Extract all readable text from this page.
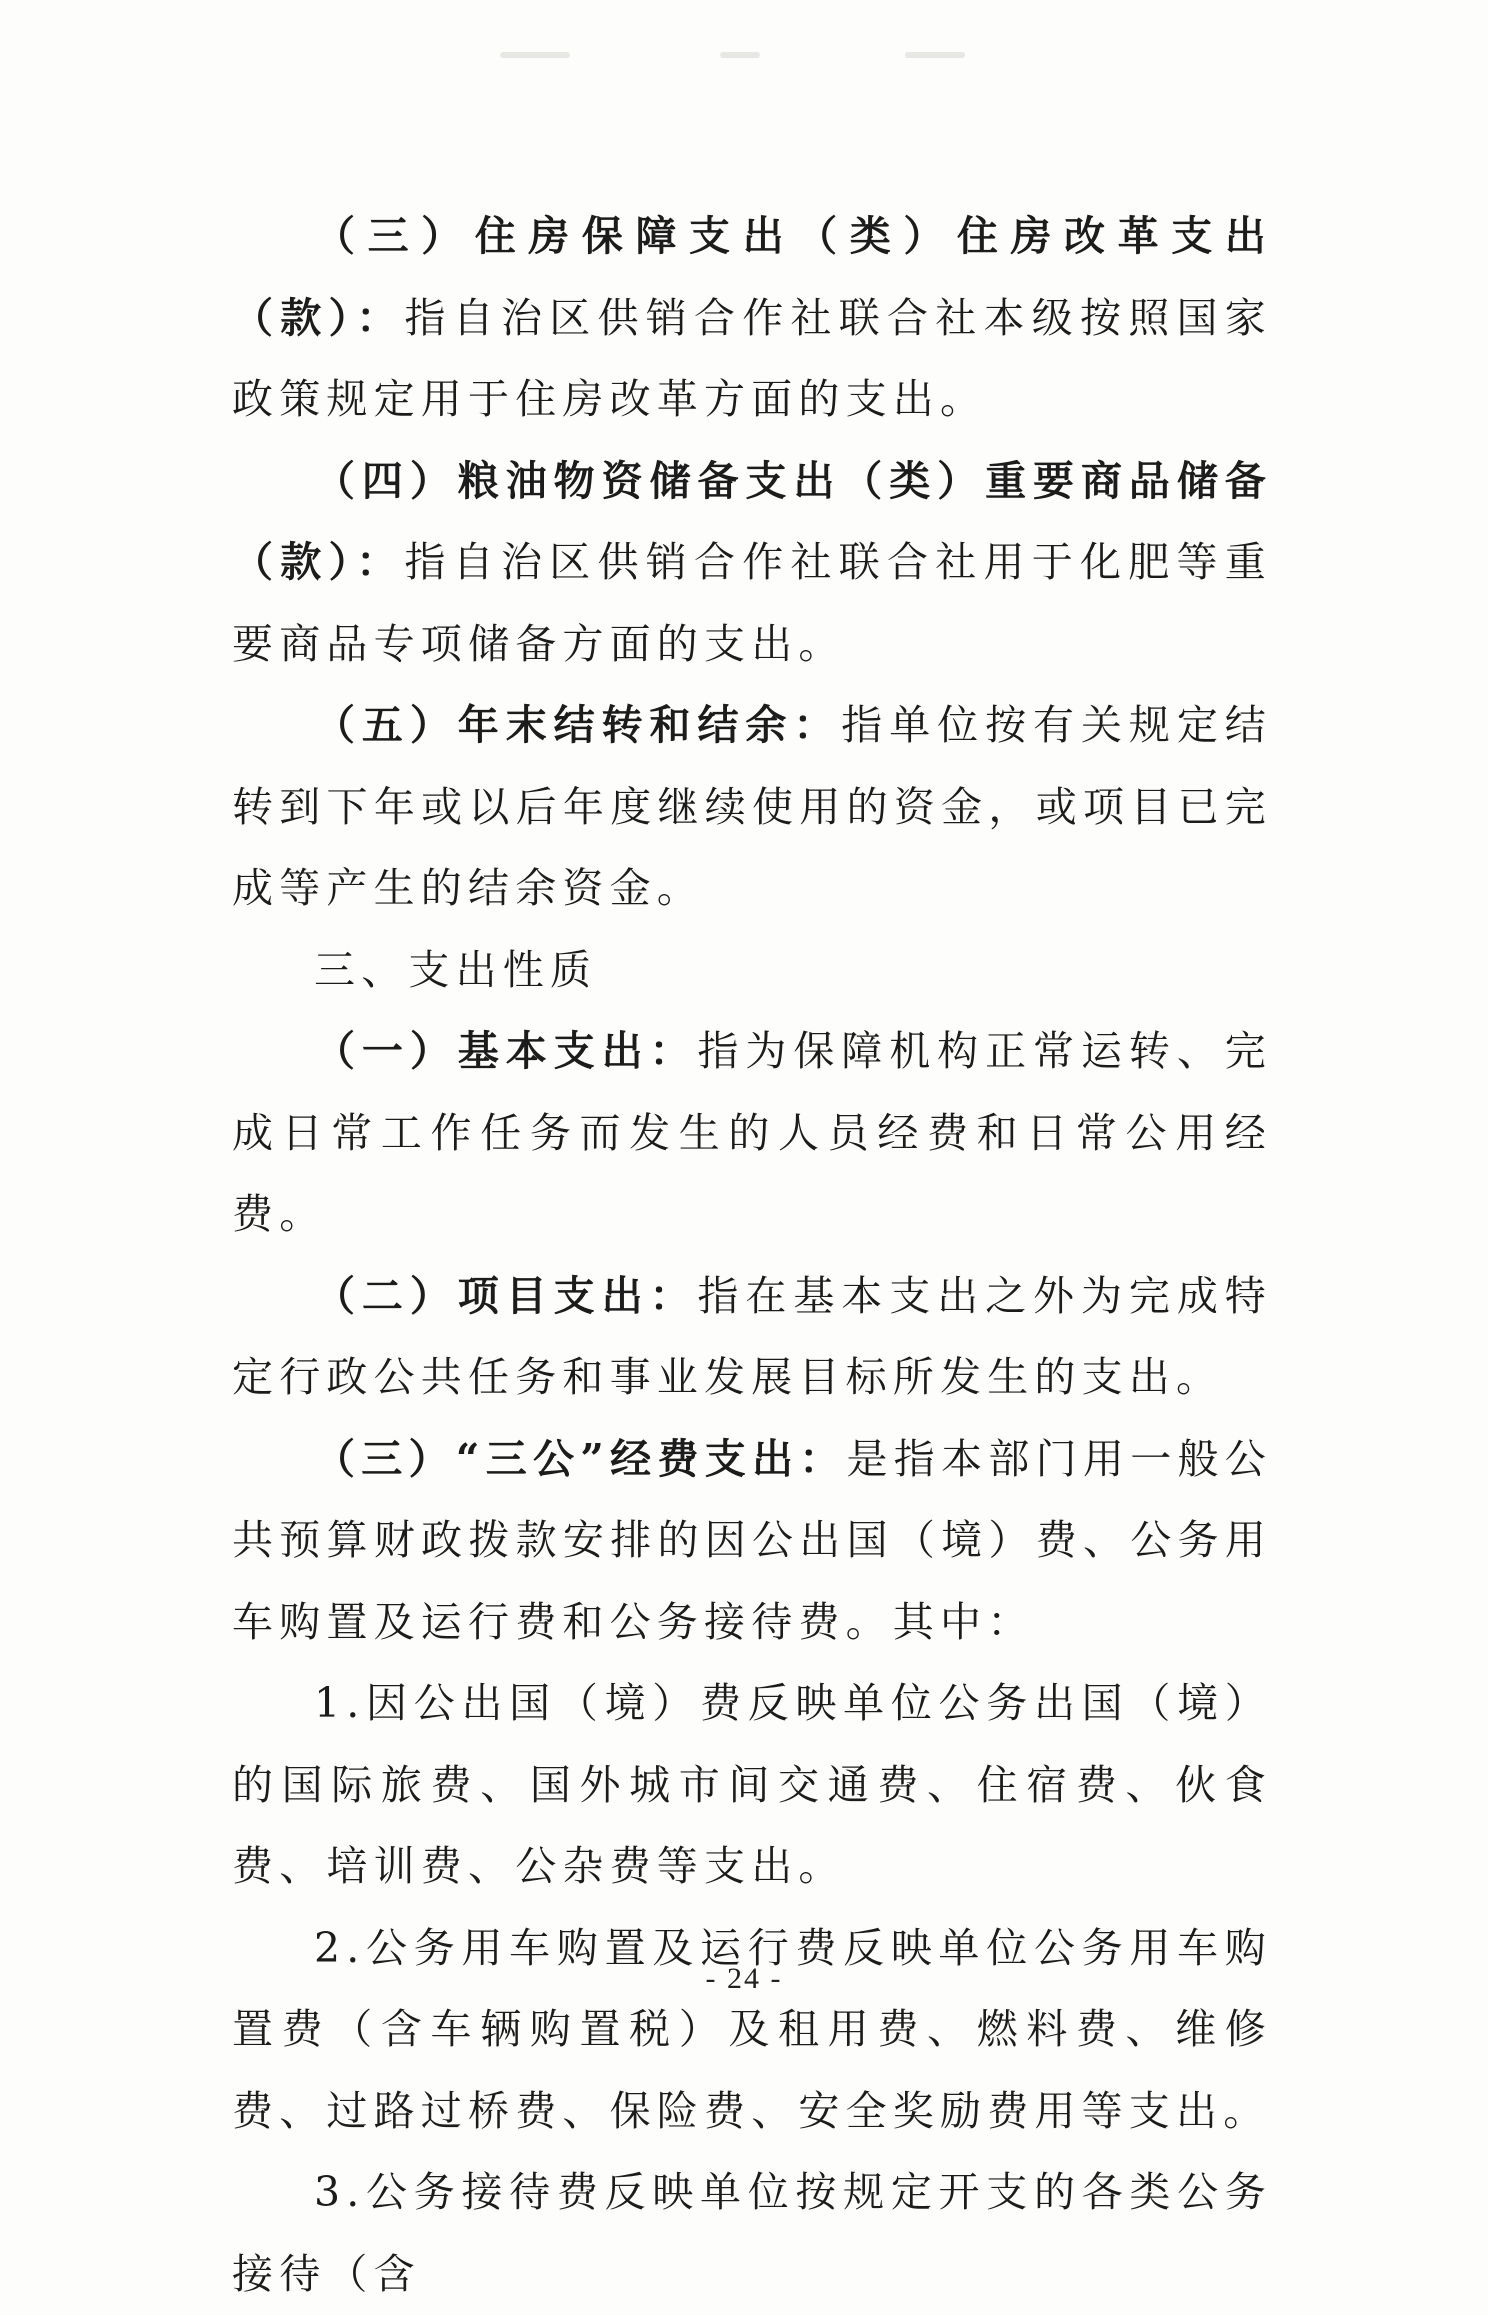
（三）住房保障支出（类）住房改革支出（款）：指自治区供销合作社联合社本级按照国家政策规定用于住房改革方面的支出。

（四）粮油物资储备支出（类）重要商品储备（款）：指自治区供销合作社联合社用于化肥等重要商品专项储备方面的支出。

（五）年末结转和结余：指单位按有关规定结转到下年或以后年度继续使用的资金，或项目已完成等产生的结余资金。

三、支出性质

（一）基本支出：指为保障机构正常运转、完成日常工作任务而发生的人员经费和日常公用经费。

（二）项目支出：指在基本支出之外为完成特定行政公共任务和事业发展目标所发生的支出。

（三）“三公”经费支出：是指本部门用一般公共预算财政拨款安排的因公出国（境）费、公务用车购置及运行费和公务接待费。其中：

1.因公出国（境）费反映单位公务出国（境）的国际旅费、国外城市间交通费、住宿费、伙食费、培训费、公杂费等支出。

2.公务用车购置及运行费反映单位公务用车购置费（含车辆购置税）及租用费、燃料费、维修费、过路过桥费、保险费、安全奖励费用等支出。

3.公务接待费反映单位按规定开支的各类公务接待（含

- 24 -
